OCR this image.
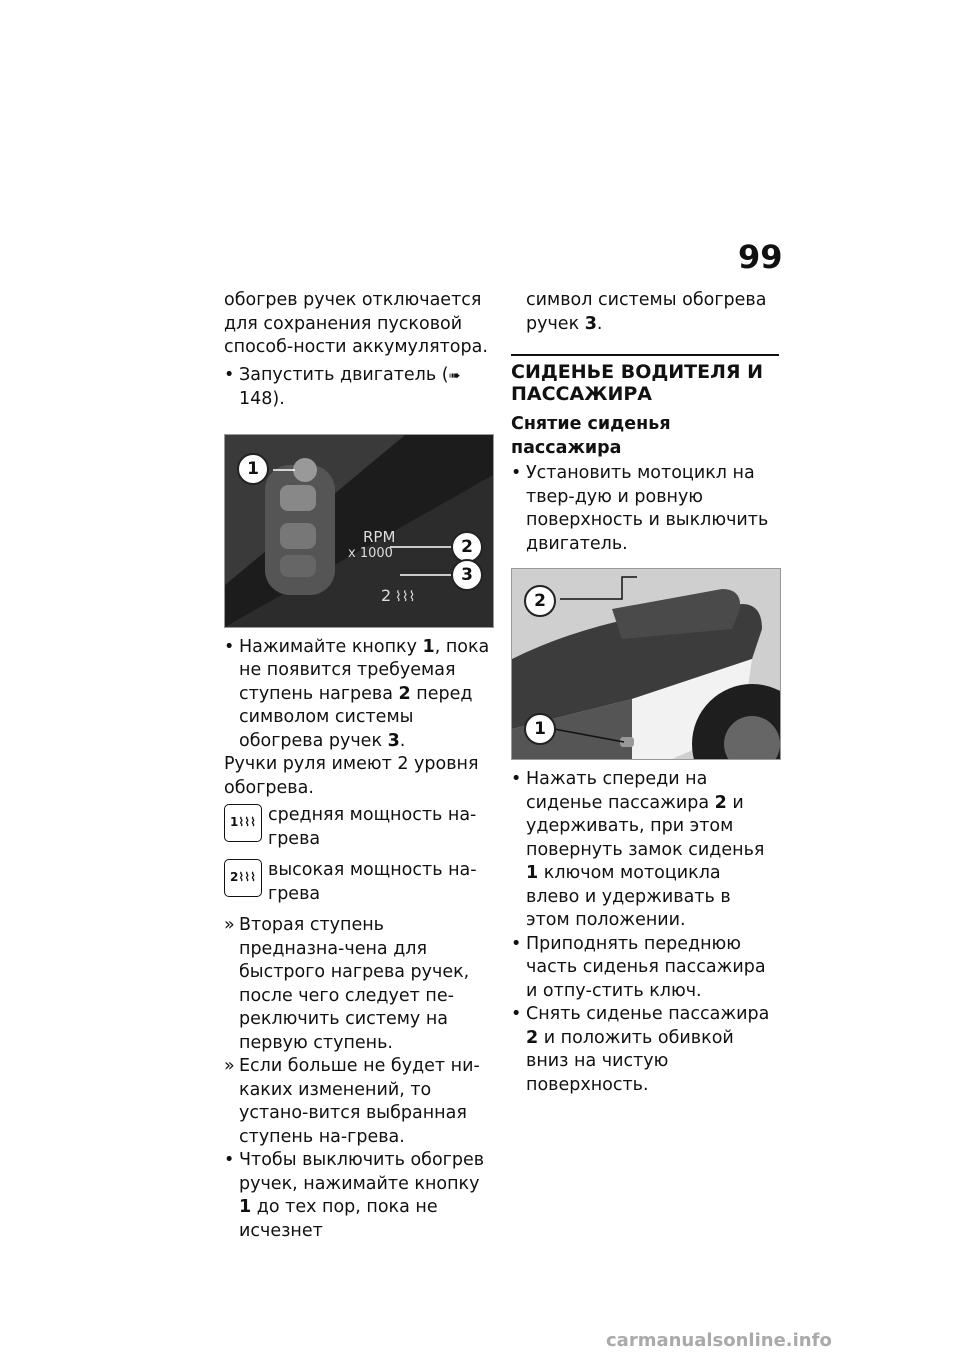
99

обогрев ручек отключается для сохранения пусковой способ-ности аккумулятора.

• Запустить двигатель (➠ 148).
RPM
x 1000
2 ⌇⌇⌇
1
2
3
• Нажимайте кнопку 1, пока не появится требуемая ступень нагрева 2 перед символом системы обогрева ручек 3.

Ручки руля имеют 2 уровня обогрева.

1 ⌇⌇⌇ средняя мощность на-грева
2 ⌇⌇⌇ высокая мощность на-грева
» Вторая ступень предназна-чена для быстрого нагрева ручек, после чего следует пе-реключить систему на первую ступень.
» Если больше не будет ни-каких изменений, то устано-вится выбранная ступень на-грева.
• Чтобы выключить обогрев ручек, нажимайте кнопку 1 до тех пор, пока не исчезнет

символ системы обогрева ручек 3.

СИДЕНЬЕ ВОДИТЕЛЯ И ПАССАЖИРА
Снятие сиденья пассажира
• Установить мотоцикл на твер-дую и ровную поверхность и выключить двигатель.
2
1
• Нажать спереди на сиденье пассажира 2 и удерживать, при этом повернуть замок сиденья 1 ключом мотоцикла влево и удерживать в этом положении.
• Приподнять переднюю часть сиденья пассажира и отпу-стить ключ.
• Снять сиденье пассажира 2 и положить обивкой вниз на чистую поверхность.
carmanualsonline.info
